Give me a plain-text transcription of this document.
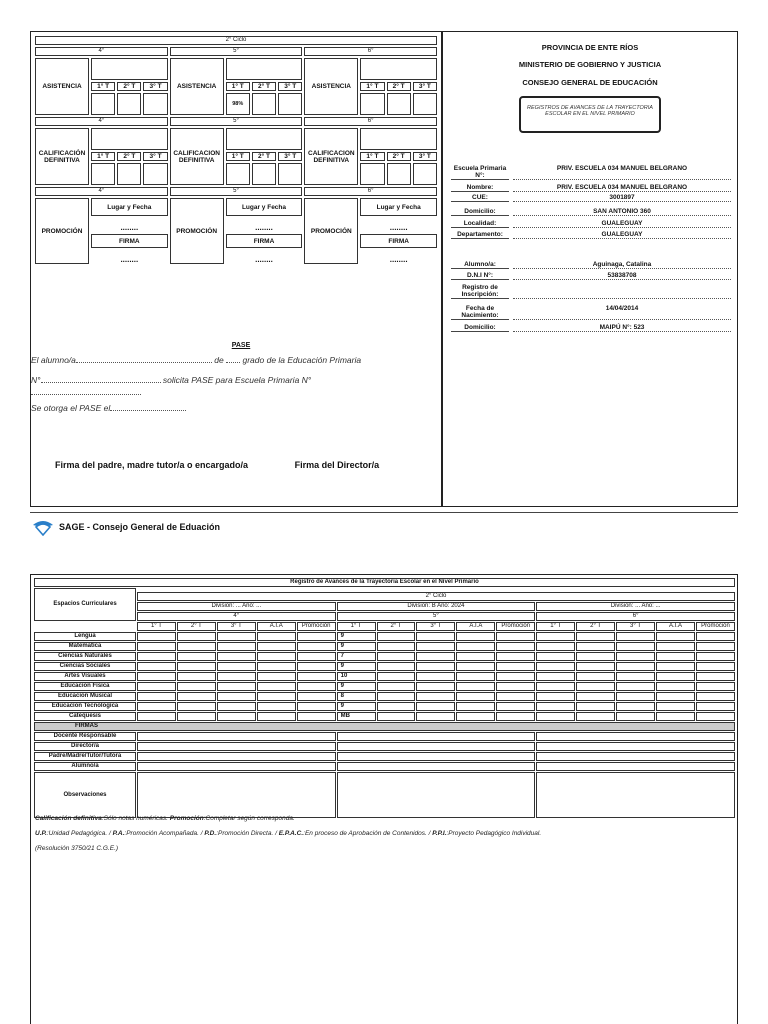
2° Ciclo											
4°				5°				6°			
ASISTENCIA				ASISTENCIA				ASISTENCIA			
	1° T	2° T	3° T		1° T	2° T	3° T		1° T	2° T	3° T
					98%						
4°				5°				6°			
CALIFICACIÓN DEFINITIVA				CALIFICACION DEFINITIVA				CALIFICACION DEFINITIVA			
	1° T	2° T	3° T		1° T	2° T	3° T		1° T	2° T	3° T

4°				5°				6°			
PROMOCIÓN	Lugar y Fecha			PROMOCIÓN	Lugar y Fecha			PROMOCIÓN	Lugar y Fecha		
	........				........				........		
	FIRMA				FIRMA				FIRMA		
	........				........				........		
PASE
El alumno/a	de grado de la Educación Primaria
N°	solicita PASE para Escuela Primaria N°
Se otorga el PASE el
Firma del padre, madre tutor/a o encargado/a	Firma del Director/a
PROVINCIA DE ENTE RÍOS
MINISTERIO DE GOBIERNO Y JUSTICIA
CONSEJO GENERAL DE EDUCACIÓN
REGISTROS DE AVANCES DE LA TRAYECTORIA ESCOLAR EN EL NIVEL PRIMARIO
Escuela Primaria N°:
PRIV. ESCUELA 034 MANUEL BELGRANO
Nombre:	PRIV. ESCUELA 034 MANUEL BELGRANO
CUE:	3001897
Domicilio:	SAN ANTONIO 360
Localidad:	GUALEGUAY
Departamento:	GUALEGUAY
Alumno/a:	Aguinaga, Catalina
D.N.I N°:	53838708
Registro de Inscripción:
Fecha de Nacimiento:
14/04/2014
Domicilio:	MAIPÚ N°: 523
SAGE - Consejo General de Eduación
Registro de Avances de la Trayectoria Escolar en el Nivel Primario															
Espacios Curriculares															
	2° Ciclo														
	Division: ... Año: ...					Division: B Año: 2024					Division: ... Año: ...				
	4°					5°					6°				
	1° T	2° T	3° T	A.I.A	Promoción	1° T	2° T	3° T	A.I.A	Promoción	1° T	2° T	3° T	A.I.A	Promoción
Lengua						9									
Matematica						9									
Ciencias Naturales						7									
Ciencias Sociales						9									
Artes Visuales						10									
Educacion Fisica						9									
Educacion Musical						8									
Educacion Tecnologica						9									
Catequesis						MB									
FIRMAS															
Docente Responsable															
Director/a															
Padre/Madre/Tutor/Tutora															
Alumno/a															
Observaciones															
Calificación definitiva:Sólo notas numéricas. Promoción:Completar según corresponda.
U.P.:Unidad Pedagógica. / P.A.:Promoción Acompañada. / P.D.:Promoción Directa. / E.P.A.C.:En proceso de Aprobación de Contenidos. / P.P.I.:Proyecto Pedagógico Individual.
(Resolución 3750/21 C.G.E.)
